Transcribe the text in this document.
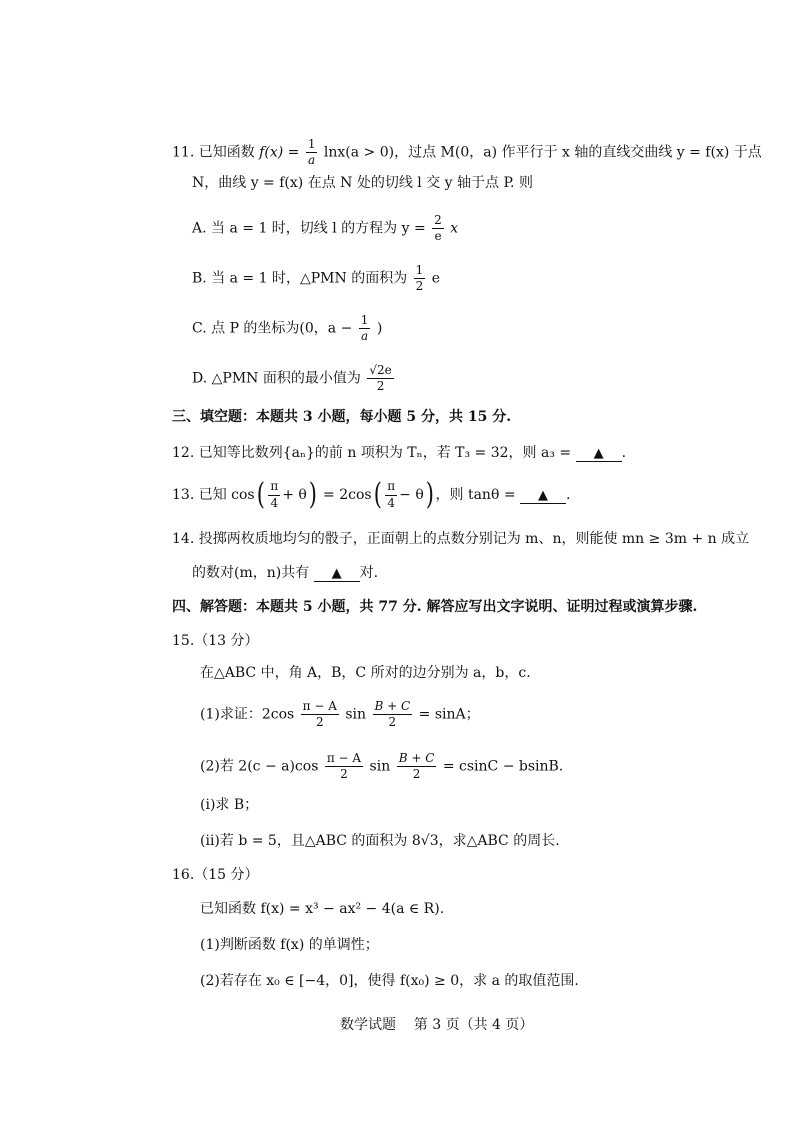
11. 已知函数 $f(x) = \frac{1}{a} \ln x(a > 0)$，过点 M(0，a) 作平行于 x 轴的直线交曲线 y = f(x) 于点
N，曲线 y = f(x) 在点 N 处的切线 l 交 y 轴于点 P. 则
A. 当 a = 1 时，切线 l 的方程为 $y = \frac{2}{e}$ x
B. 当 a = 1 时，△PMN 的面积为 $\frac{1}{2}$ e
C. 点 P 的坐标为(0，$a - \frac{1}{a}$ )
D. △PMN 面积的最小值为 $\frac{√2e}{2}$
三、填空题：本题共 3 小题，每小题 5 分，共 15 分.
12. 已知等比数列{aₙ}的前 n 项积为 Tₙ，若 T₃ = 32，则 a₃ = ▲ .
13. 已知 $\cos( \frac{\pi}{4} + \theta) = 2\cos( \frac{\pi}{4} - \theta)$ ，则 tanθ = ▲ .
14. 投掷两枚质地均匀的骰子，正面朝上的点数分别记为 m、n，则能使 mn ≥ 3m + n 成立
的数对(m，n)共有 ▲ 对.
四、解答题：本题共 5 小题，共 77 分. 解答应写出文字说明、证明过程或演算步骤.
15.（13 分）
在△ABC 中，角 A，B，C 所对的边分别为 a，b，c.
(1)求证：$2\cos \frac{\pi - A}{2}$ $\sin \frac{B + C}{2} = \sin A$；
(2)若 $2(c - a)\cos \frac{\pi - A}{2}$ $\sin \frac{B + C}{2} = csinC - bsinB$.
(ⅰ)求 B；
(ⅱ)若 b = 5，且△ABC 的面积为 8√3，求△ABC 的周长.
16.（15 分）
已知函数 f(x) = x³ − ax² − 4(a ∈ R).
(1)判断函数 f(x) 的单调性；
(2)若存在 x₀ ∈ [−4，0]，使得 f(x₀) ≥ 0，求 a 的取值范围.
数学试题    第 3 页（共 4 页）
